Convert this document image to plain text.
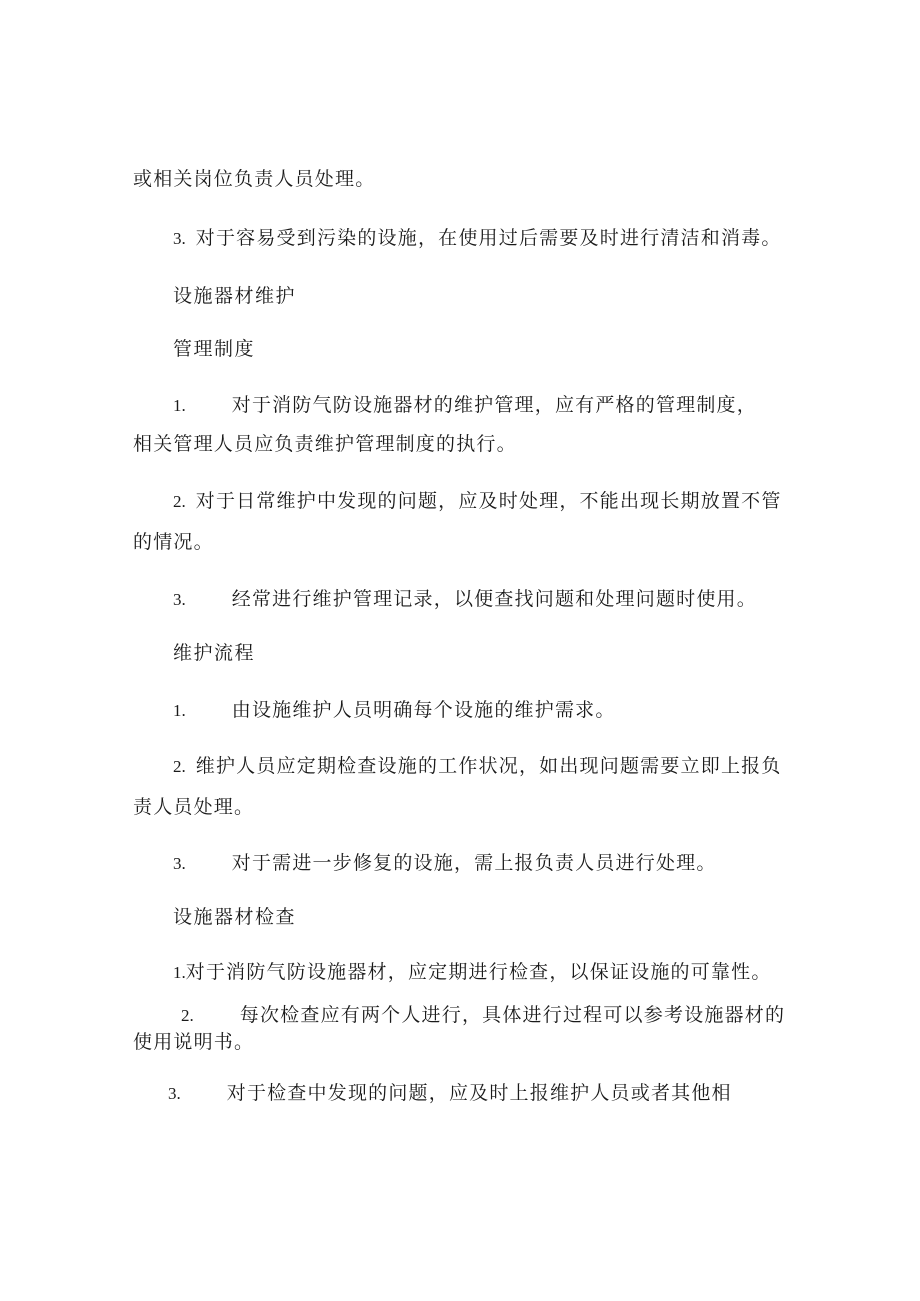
或相关岗位负责人员处理。
3. 对于容易受到污染的设施，在使用过后需要及时进行清洁和消毒。
设施器材维护
管理制度
1. 对于消防气防设施器材的维护管理，应有严格的管理制度，
相关管理人员应负责维护管理制度的执行。
2. 对于日常维护中发现的问题，应及时处理，不能出现长期放置不管
的情况。
3. 经常进行维护管理记录，以便查找问题和处理问题时使用。
维护流程
1. 由设施维护人员明确每个设施的维护需求。
2. 维护人员应定期检查设施的工作状况，如出现问题需要立即上报负
责人员处理。
3. 对于需进一步修复的设施，需上报负责人员进行处理。
设施器材检查
1.对于消防气防设施器材，应定期进行检查，以保证设施的可靠性。
2. 每次检查应有两个人进行，具体进行过程可以参考设施器材的
使用说明书。
3. 对于检查中发现的问题，应及时上报维护人员或者其他相
